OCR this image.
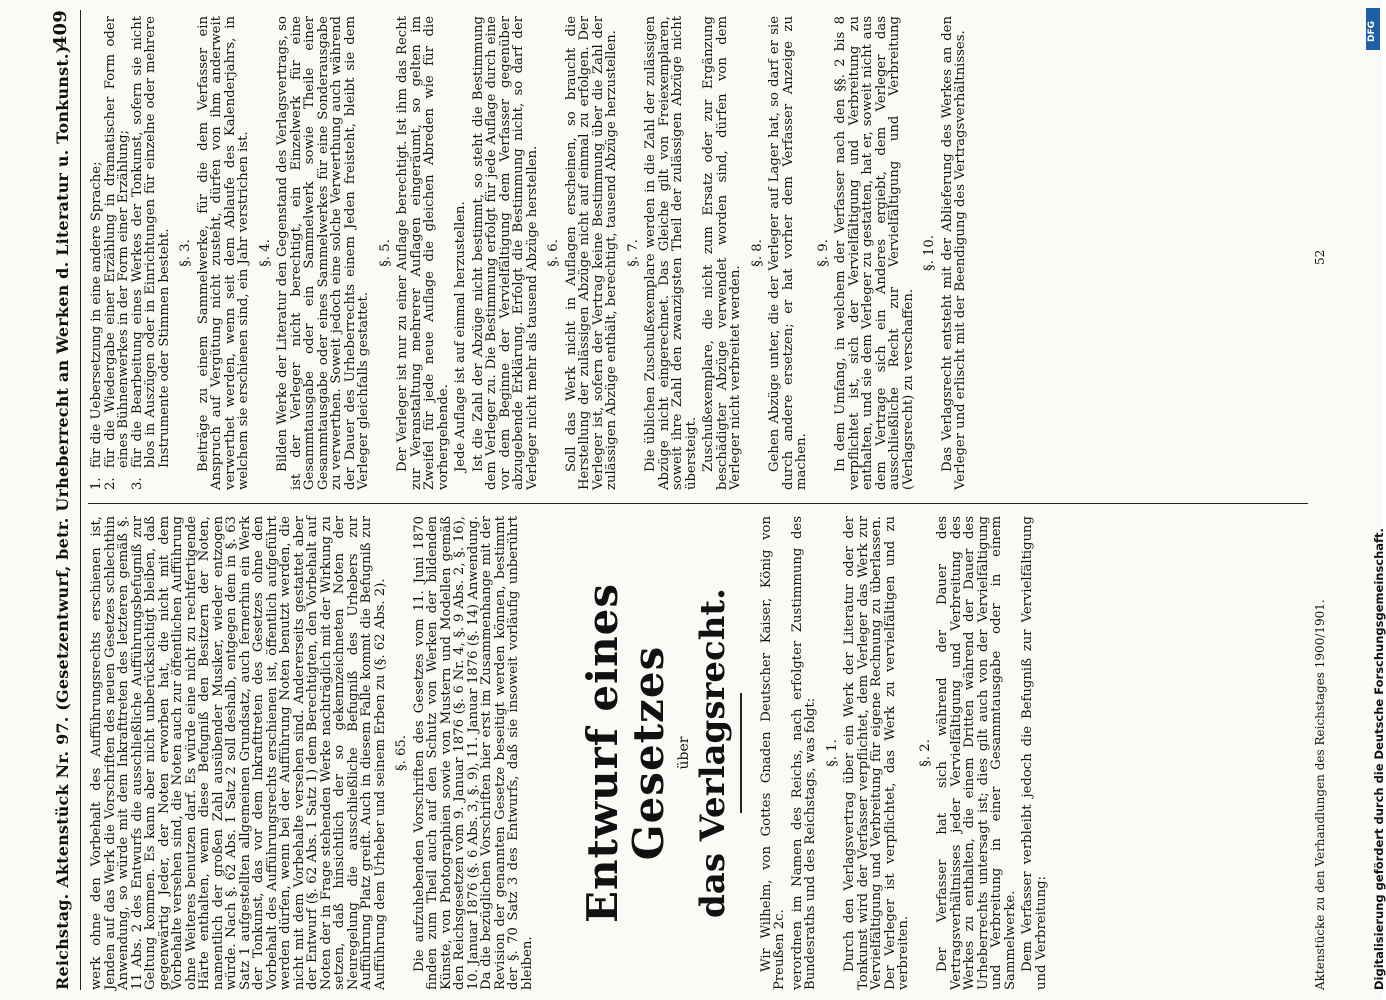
Reichstag. Aktenstück Nr. 97. (Gesetzentwurf, betr. Urheberrecht an Werken d. Literatur u. Tonkunst.)
409

werk ohne den Vorbehalt des Aufführungsrechts erschienen ist, Jenden auf das Werk die Vorschriften des neuen Gesetzes schlechthin Anwendung, so würde mit dem Inkrafttreten des letzteren gemäß §. 11 Abs. 2 des Entwurfs die ausschließliche Aufführungsbefugniß zur Geltung kommen. Es kann aber nicht unberücksichtigt bleiben, daß gegenwärtig Jeder, der Noten erworben hat, die nicht mit dem Vorbehalte versehen sind, die Noten auch zur öffentlichen Aufführung ohne Weiteres benutzen darf. Es würde eine nicht zu rechtfertigende Härte enthalten, wenn diese Befugniß den Besitzern der Noten, namentlich der großen Zahl ausübender Musiker, wieder entzogen würde. Nach §. 62 Abs. 1 Satz 2 soll deshalb, entgegen dem in §. 63 Satz 1 aufgestellten allgemeinen Grundsatz, auch fernerhin ein Werk der Tonkunst, das vor dem Inkrafttreten des Gesetzes ohne den Vorbehalt des Aufführungsrechts erschienen ist, öffentlich aufgeführt werden dürfen, wenn bei der Aufführung Noten benutzt werden, die nicht mit dem Vorbehalte versehen sind. Andererseits gestattet aber der Entwurf (§. 62 Abs. 1 Satz 1) dem Berechtigten, den Vorbehalt auf Noten der in Frage stehenden Werke nachträglich mit der Wirkung zu setzen, daß hinsichtlich der so gekennzeichneten Noten der Neuregelung die ausschließliche Befugniß des Urhebers zur Aufführung Platz greift. Auch in diesem Falle kommt die Befugniß zur Aufführung dem Urheber und seinem Erben zu (§. 62 Abs. 2). §. 65. Die aufzuhebenden Vorschriften des Gesetzes vom 11. Juni 1870 finden zum Theil auch auf den Schutz von Werken der bildenden Künste, von Photographien sowie von Mustern und Modellen gemäß den Reichsgesetzen vom 9. Januar 1876 (§. 6 Nr. 4, §. 9 Abs. 2, §. 16), 10. Januar 1876 (§. 6 Abs. 3, §. 9), 11. Januar 1876 (§. 14) Anwendung. Da die bezüglichen Vorschriften hier erst im Zusammenhange mit der Revision der genannten Gesetze beseitigt werden können, bestimmt der §. 70 Satz 3 des Entwurfs, daß sie insoweit vorläufig unberührt bleiben.

Entwurf eines Gesetzes über das Verlagsrecht. Wir Wilhelm, von Gottes Gnaden Deutscher Kaiser, König von Preußen 2c. verordnen im Namen des Reichs, nach erfolgter Zustimmung des Bundesraths und des Reichstags, was folgt: §. 1. Durch den Verlagsvertrag über ein Werk der Literatur oder der Tonkunst wird der Verfasser verpflichtet, dem Verleger das Werk zur Vervielfältigung und Verbreitung für eigene Rechnung zu überlassen. Der Verleger ist verpflichtet, das Werk zu vervielfältigen und zu verbreiten.

§. 2. Der Verfasser hat sich während der Dauer des Vertragsverhältnisses jeder Vervielfältigung und Verbreitung des Werkes zu enthalten, die einem Dritten während der Dauer des Urheberrechts untersagt ist; dies gilt auch von der Vervielfältigung und Verbreitung in einer Gesammtausgabe oder in einem Sammelwerke. Dem Verfasser verbleibt jedoch die Befugniß zur Vervielfältigung und Verbreitung:

1.
für die Uebersetzung in eine andere Sprache;
2.
für die Wiedergabe einer Erzählung in dramatischer Form oder eines Bühnenwerkes in der Form einer Erzählung;
3.
für die Bearbeitung eines Werkes der Tonkunst, sofern sie nicht blos in Auszügen oder in Einrichtungen für einzelne oder mehrere Instrumente oder Stimmen besteht. §. 3. Beiträge zu einem Sammelwerke, für die dem Verfasser ein Anspruch auf Vergütung nicht zusteht, dürfen von ihm anderweit verwerthet werden, wenn seit dem Ablaufe des Kalenderjahrs, in welchem sie erschienen sind, ein Jahr verstrichen ist. §. 4. Bilden Werke der Literatur den Gegenstand des Verlagsvertrags, so ist der Verleger nicht berechtigt, ein Einzelwerk für eine Gesammtausgabe oder ein Sammelwerk sowie Theile einer Gesammtausgabe oder eines Sammelwerkes für eine Sonderausgabe zu verwerthen. Soweit jedoch eine solche Verwerthung auch während der Dauer des Urheberrechts einem Jeden freisteht, bleibt sie dem Verleger gleichfalls gestattet.

§. 5. Der Verleger ist nur zu einer Auflage berechtigt. Ist ihm das Recht zur Veranstaltung mehrerer Auflagen eingeräumt, so gelten im Zweifel für jede neue Auflage die gleichen Abreden wie für die vorhergehende. Jede Auflage ist auf einmal herzustellen. Ist die Zahl der Abzüge nicht bestimmt, so steht die Bestimmung dem Verleger zu. Die Bestimmung erfolgt für jede Auflage durch eine vor dem Beginne der Vervielfältigung dem Verfasser gegenüber abzugebende Erklärung. Erfolgt die Bestimmung nicht, so darf der Verleger nicht mehr als tausend Abzüge herstellen. §. 6. Soll das Werk nicht in Auflagen erscheinen, so braucht die Herstellung der zulässigen Abzüge nicht auf einmal zu erfolgen. Der Verleger ist, sofern der Vertrag keine Bestimmung über die Zahl der zulässigen Abzüge enthält, berechtigt, tausend Abzüge herzustellen. §. 7. Die üblichen Zuschußexemplare werden in die Zahl der zulässigen Abzüge nicht eingerechnet. Das Gleiche gilt von Freiexemplaren, soweit ihre Zahl den zwanzigsten Theil der zulässigen Abzüge nicht übersteigt. Zuschußexemplare, die nicht zum Ersatz oder zur Ergänzung beschädigter Abzüge verwendet worden sind, dürfen von dem Verleger nicht verbreitet werden.

§. 8. Gehen Abzüge unter, die der Verleger auf Lager hat, so darf er sie durch andere ersetzen; er hat vorher dem Verfasser Anzeige zu machen.

§. 9. In dem Umfang, in welchem der Verfasser nach den §§. 2 bis 8 verpflichtet ist, sich der Vervielfältigung und Verbreitung zu enthalten, und sie dem Verleger zu gestatten, hat er, soweit nicht aus dem Vertrage sich ein Anderes ergiebt, dem Verleger das ausschließliche Recht zur Vervielfältigung und Verbreitung (Verlagsrecht) zu verschaffen.

§. 10. Das Verlagsrecht entsteht mit der Ablieferung des Werkes an den Verleger und erlischt mit der Beendigung des Vertragsverhältnisses.

Aktenstücke zu den Verhandlungen des Reichstages 1900/1901.
52
Digitalisierung gefördert durch die Deutsche Forschungsgemeinschaft.
DFG
